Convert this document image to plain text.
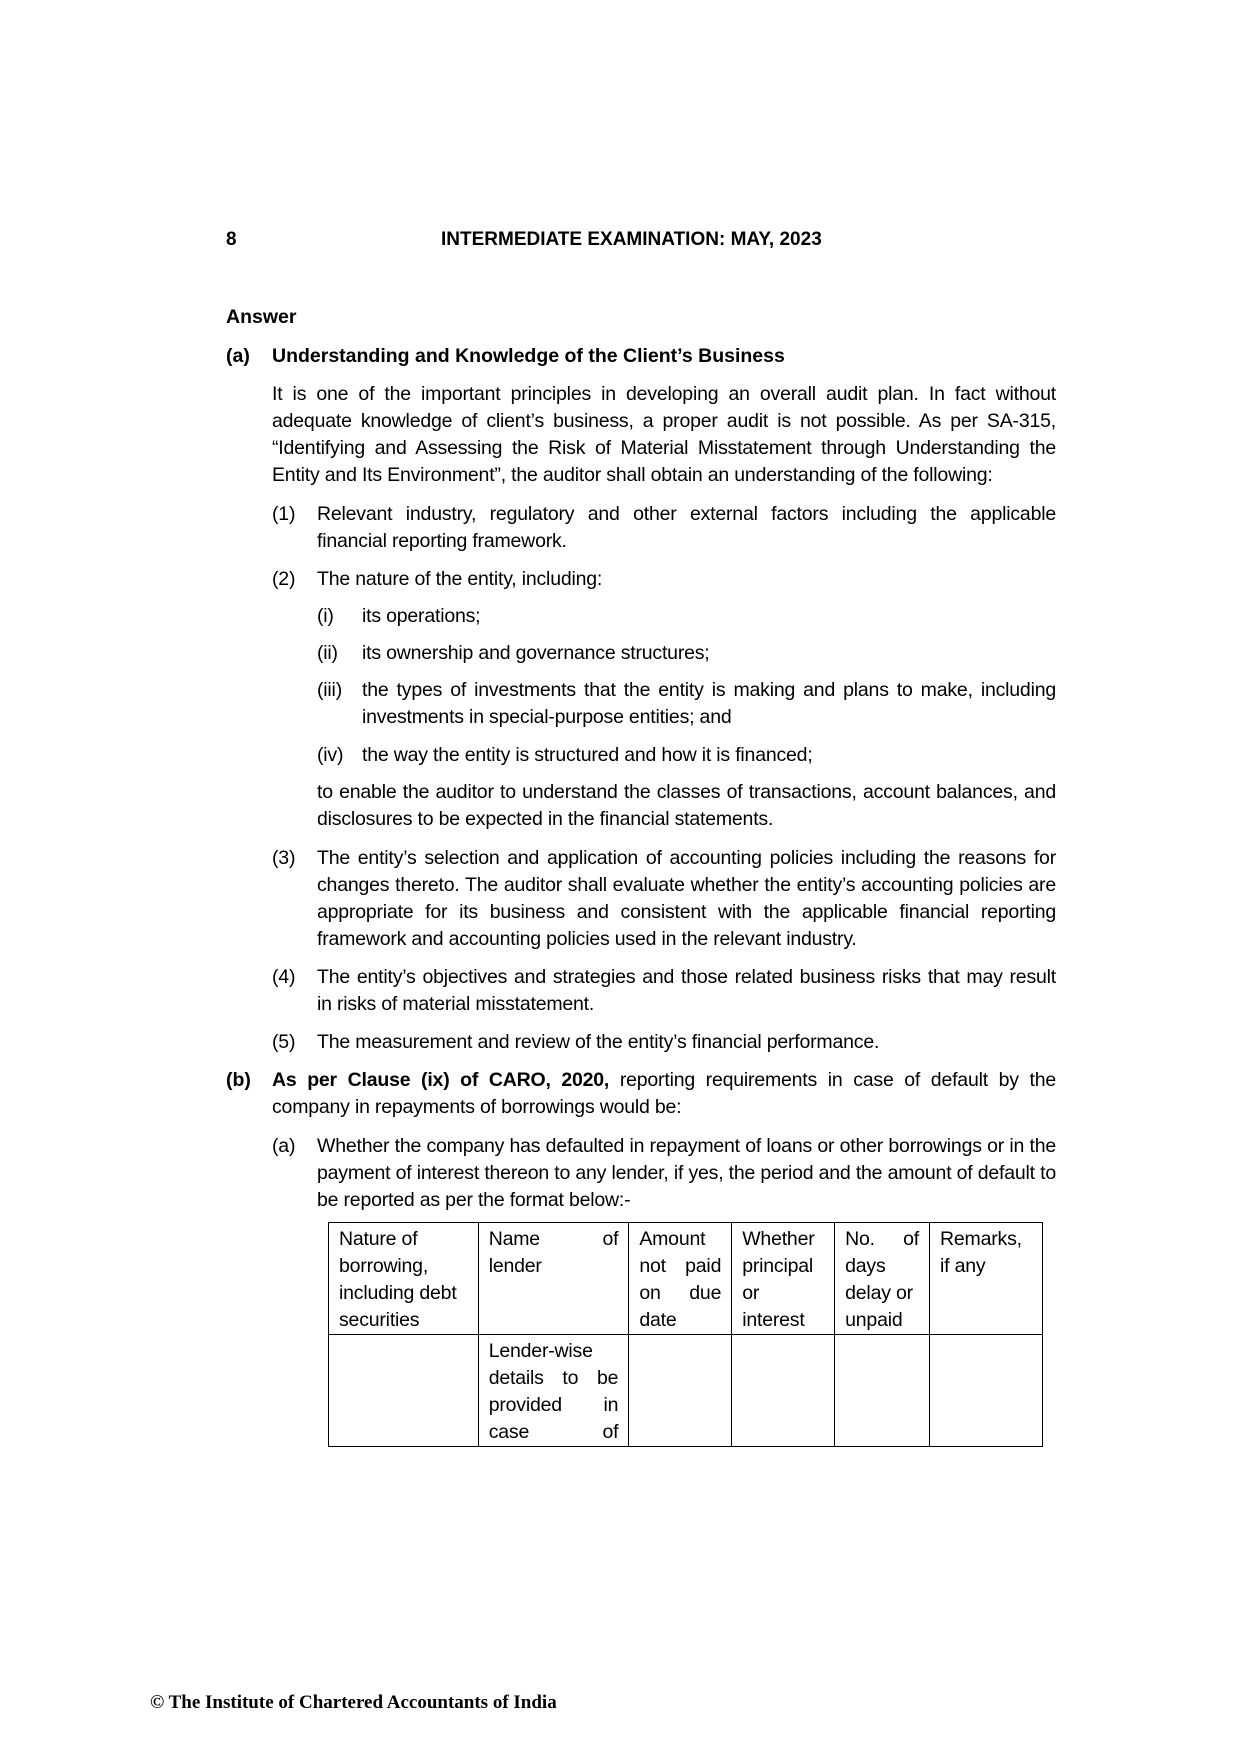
8	INTERMEDIATE EXAMINATION: MAY, 2023
Answer
(a) Understanding and Knowledge of the Client’s Business
It is one of the important principles in developing an overall audit plan. In fact without adequate knowledge of client’s business, a proper audit is not possible. As per SA-315, “Identifying and Assessing the Risk of Material Misstatement through Understanding the Entity and Its Environment”, the auditor shall obtain an understanding of the following:
(1) Relevant industry, regulatory and other external factors including the applicable financial reporting framework.
(2) The nature of the entity, including:
(i) its operations;
(ii) its ownership and governance structures;
(iii) the types of investments that the entity is making and plans to make, including investments in special-purpose entities; and
(iv) the way the entity is structured and how it is financed;
to enable the auditor to understand the classes of transactions, account balances, and disclosures to be expected in the financial statements.
(3) The entity’s selection and application of accounting policies including the reasons for changes thereto. The auditor shall evaluate whether the entity’s accounting policies are appropriate for its business and consistent with the applicable financial reporting framework and accounting policies used in the relevant industry.
(4) The entity’s objectives and strategies and those related business risks that may result in risks of material misstatement.
(5) The measurement and review of the entity’s financial performance.
(b) As per Clause (ix) of CARO, 2020, reporting requirements in case of default by the company in repayments of borrowings would be:
(a) Whether the company has defaulted in repayment of loans or other borrowings or in the payment of interest thereon to any lender, if yes, the period and the amount of default to be reported as per the format below:-
Nature of
borrowing,
including debt
securities	Name of
lender	Amount
not paid
on due
date	Whether
principal
or
interest	No. of
days
delay or
unpaid	Remarks,
if any

	Lender-wise
details to be
provided in
case of				

© The Institute of Chartered Accountants of India
